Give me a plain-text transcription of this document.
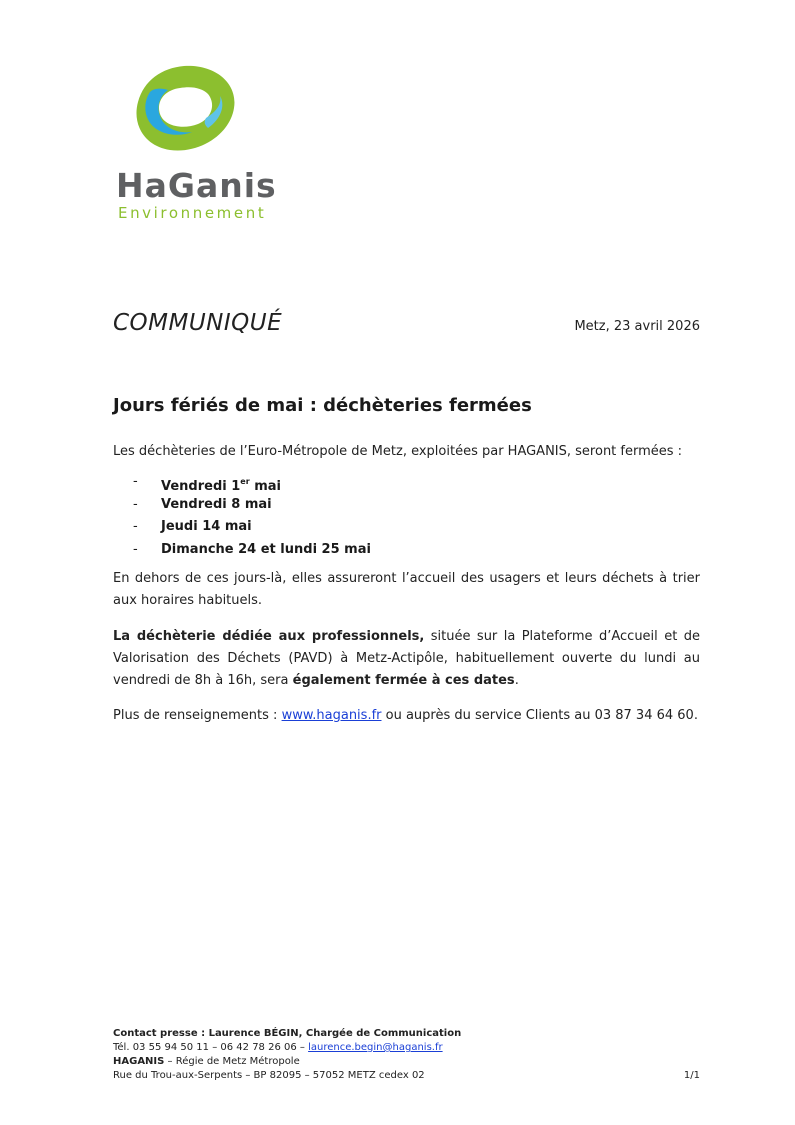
HaGanis
Environnement
COMMUNIQUÉ	Metz, 23 avril 2026
Jours fériés de mai : déchèteries fermées
Les déchèteries de l’Euro-Métropole de Metz, exploitées par HAGANIS, seront fermées :
- Vendredi 1er mai
- Vendredi 8 mai
- Jeudi 14 mai
- Dimanche 24 et lundi 25 mai
En dehors de ces jours-là, elles assureront l’accueil des usagers et leurs déchets à trier aux horaires habituels.
La déchèterie dédiée aux professionnels, située sur la Plateforme d’Accueil et de Valorisation des Déchets (PAVD) à Metz-Actipôle, habituellement ouverte du lundi au vendredi de 8h à 16h, sera également fermée à ces dates.
Plus de renseignements : www.haganis.fr ou auprès du service Clients au 03 87 34 64 60.
Contact presse : Laurence BÉGIN, Chargée de Communication
Tél. 03 55 94 50 11 – 06 42 78 26 06 – laurence.begin@haganis.fr
HAGANIS – Régie de Metz Métropole
Rue du Trou-aux-Serpents – BP 82095 – 57052 METZ cedex 02	1/1
